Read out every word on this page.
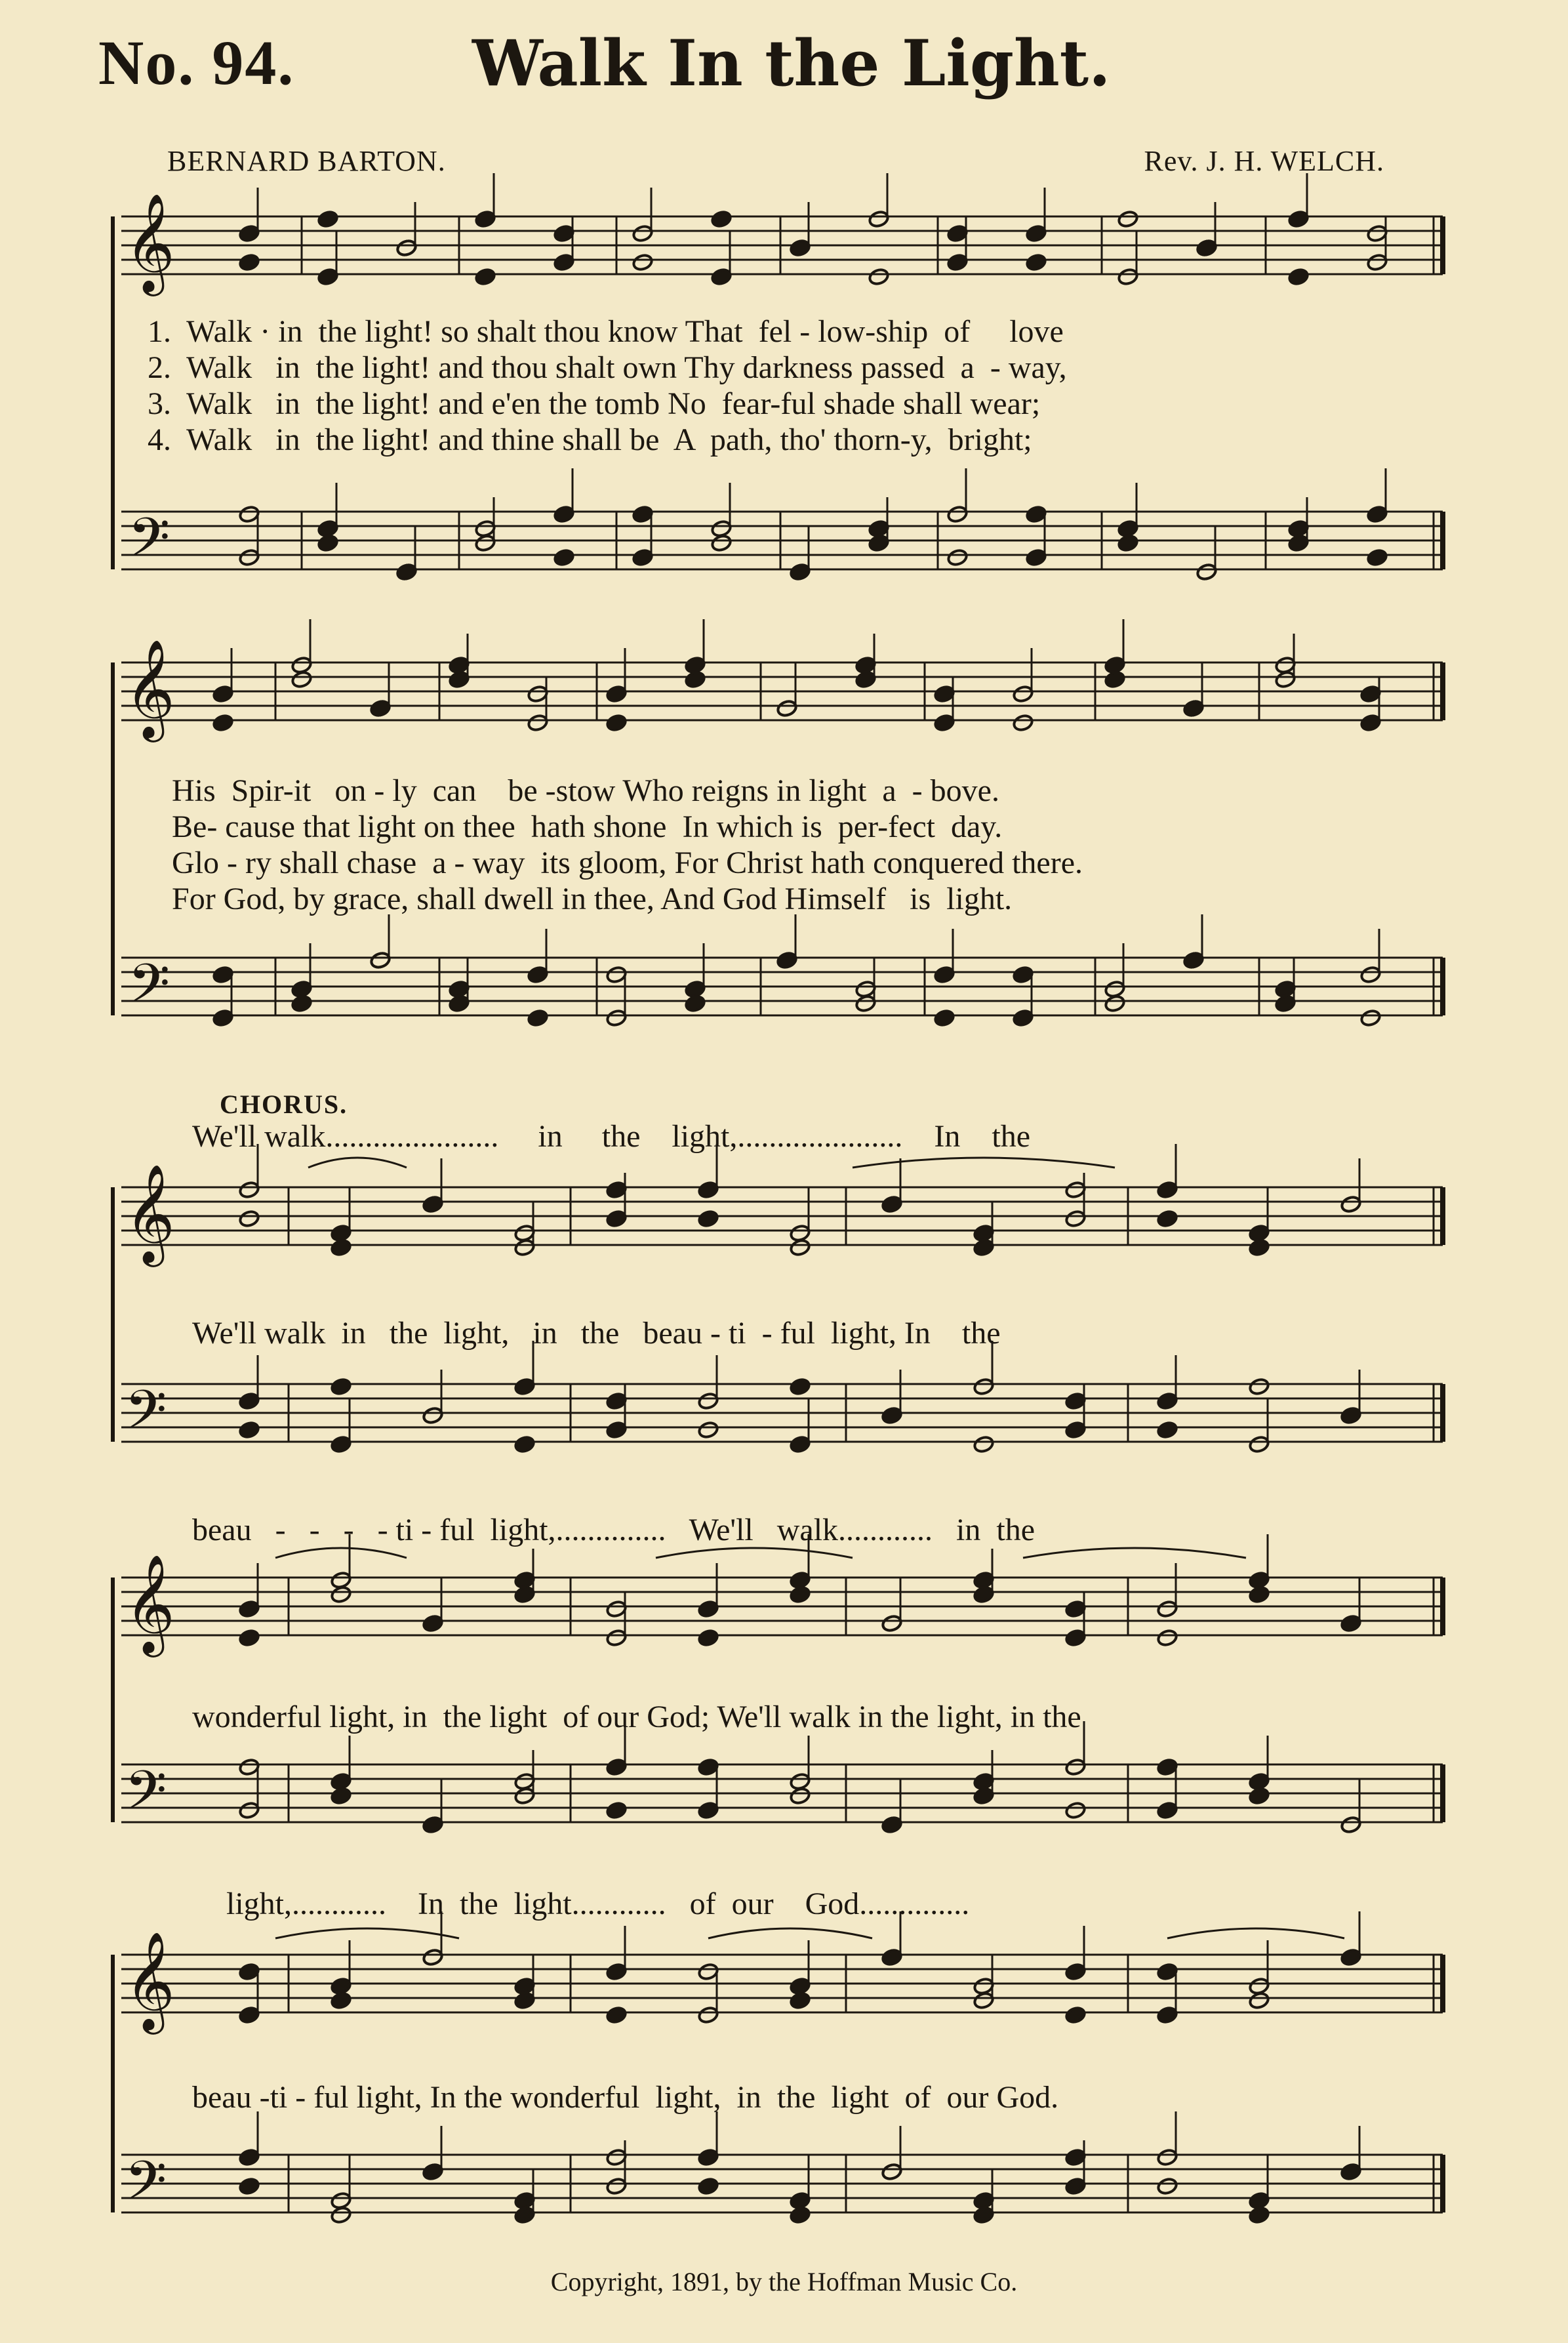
No. 94.	Walk In the Light.
BERNARD BARTON.	Rev. J. H. WELCH.
𝄞
𝄢
𝄞
𝄢
𝄞
𝄢
𝄞
𝄢
𝄞
𝄢
1.  Walk · in  the light! so shalt thou know That  fel - low-ship  of     love
2.  Walk   in  the light! and thou shalt own Thy darkness passed  a  - way,
3.  Walk   in  the light! and e'en the tomb No  fear-ful shade shall wear;
4.  Walk   in  the light! and thine shall be  A  path, tho' thorn-y,  bright;
His  Spir-it   on - ly  can    be -stow Who reigns in light  a  - bove.
Be- cause that light on thee  hath shone  In which is  per-fect  day.
Glo - ry shall chase  a - way  its gloom, For Christ hath conquered there.
For God, by grace, shall dwell in thee, And God Himself   is  light.
CHORUS.
We'll walk......................     in     the    light,.....................    In    the
We'll walk  in   the  light,   in   the   beau - ti  - ful  light, In    the
beau   -   -   -   - ti - ful  light,..............   We'll   walk............   in  the
wonderful light, in  the light  of our God; We'll walk in the light, in the
light,............    In  the  light............   of  our    God..............
beau -ti - ful light, In the wonderful  light,  in  the  light  of  our God.
Copyright, 1891, by the Hoffman Music Co.
